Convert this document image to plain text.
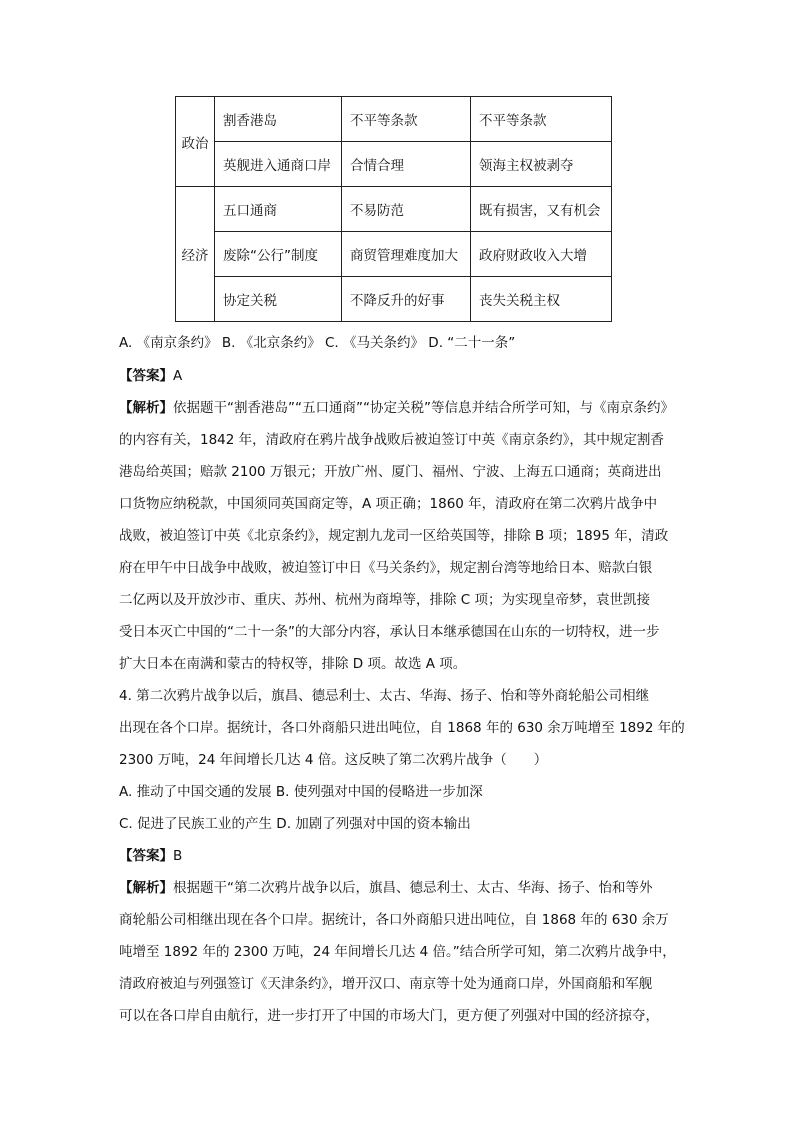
政治	割香港岛	不平等条款	不平等条款
	英舰进入通商口岸	合情合理	领海主权被剥夺
经济	五口通商	不易防范	既有损害，又有机会
	废除“公行”制度	商贸管理难度加大	政府财政收入大增
	协定关税	不降反升的好事	丧失关税主权
A. 《南京条约》 B. 《北京条约》 C. 《马关条约》 D. “二十一条”
【答案】A
【解析】依据题干“割香港岛”“五口通商”“协定关税”等信息并结合所学可知，与《南京条约》
的内容有关，1842 年，清政府在鸦片战争战败后被迫签订中英《南京条约》，其中规定割香
港岛给英国；赔款 2100 万银元；开放广州、厦门、福州、宁波、上海五口通商；英商进出
口货物应纳税款，中国须同英国商定等，A 项正确；1860 年，清政府在第二次鸦片战争中
战败，被迫签订中英《北京条约》，规定割九龙司一区给英国等，排除 B 项；1895 年，清政
府在甲午中日战争中战败，被迫签订中日《马关条约》，规定割台湾等地给日本、赔款白银
二亿两以及开放沙市、重庆、苏州、杭州为商埠等，排除 C 项；为实现皇帝梦，袁世凯接
受日本灭亡中国的“二十一条”的大部分内容，承认日本继承德国在山东的一切特权，进一步
扩大日本在南满和蒙古的特权等，排除 D 项。故选 A 项。
4. 第二次鸦片战争以后，旗昌、德忌利士、太古、华海、扬子、怡和等外商轮船公司相继
出现在各个口岸。据统计，各口外商船只进出吨位，自 1868 年的 630 余万吨增至 1892 年的
2300 万吨，24 年间增长几达 4 倍。这反映了第二次鸦片战争（　　）
A. 推动了中国交通的发展 B. 使列强对中国的侵略进一步加深
C. 促进了民族工业的产生 D. 加剧了列强对中国的资本输出
【答案】B
【解析】根据题干“第二次鸦片战争以后，旗昌、德忌利士、太古、华海、扬子、怡和等外
商轮船公司相继出现在各个口岸。据统计，各口外商船只进出吨位，自 1868 年的 630 余万
吨增至 1892 年的 2300 万吨，24 年间增长几达 4 倍。”结合所学可知，第二次鸦片战争中，
清政府被迫与列强签订《天津条约》，增开汉口、南京等十处为通商口岸，外国商船和军舰
可以在各口岸自由航行，进一步打开了中国的市场大门，更方便了列强对中国的经济掠夺，
